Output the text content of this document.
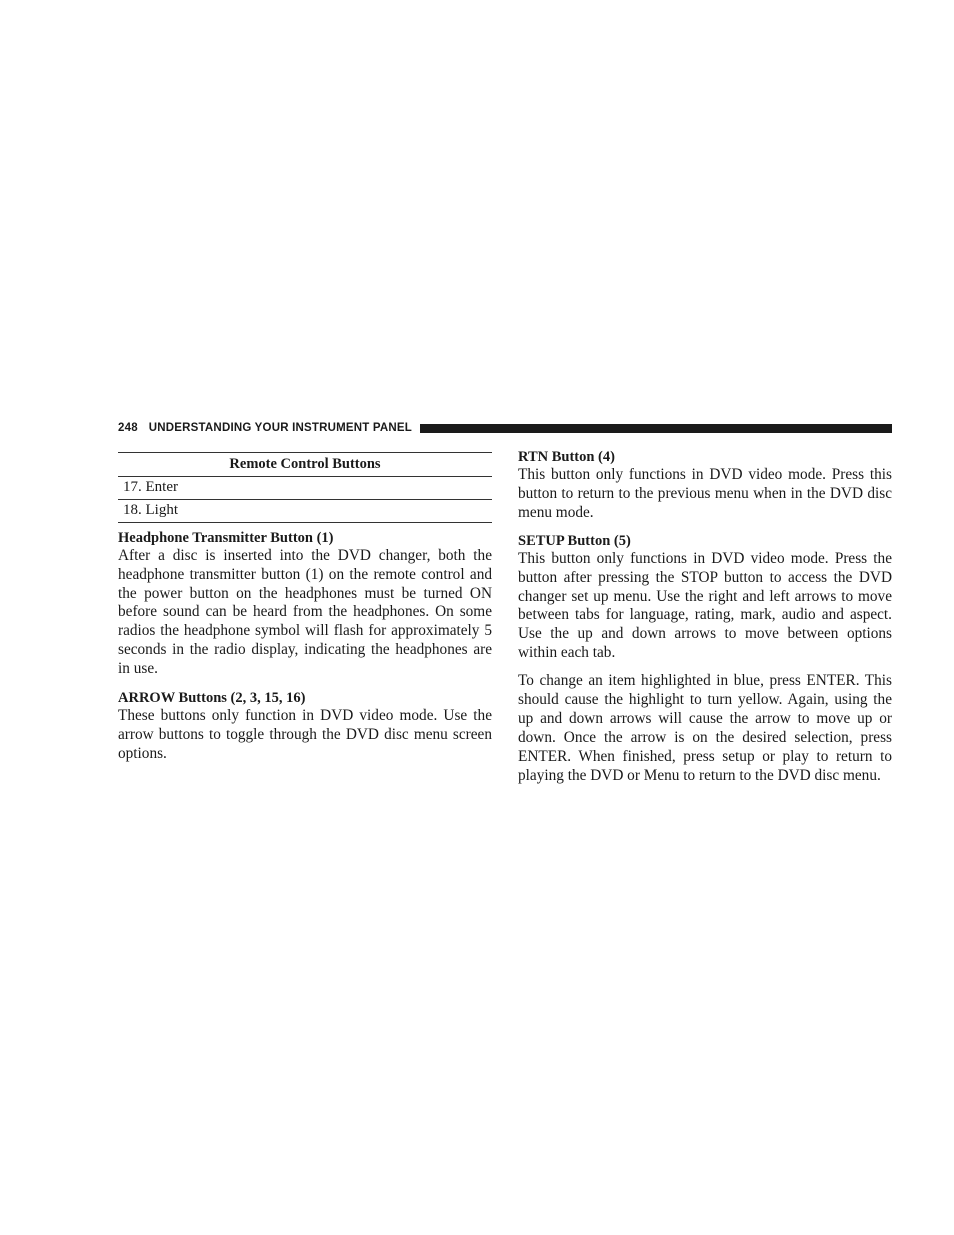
248 UNDERSTANDING YOUR INSTRUMENT PANEL
Remote Control Buttons
17. Enter
18. Light
Headphone Transmitter Button (1)

After a disc is inserted into the DVD changer, both the headphone transmitter button (1) on the remote control and the power button on the headphones must be turned ON before sound can be heard from the headphones. On some radios the headphone symbol will flash for approximately 5 seconds in the radio display, indicating the headphones are in use.

ARROW Buttons (2, 3, 15, 16)

These buttons only function in DVD video mode. Use the arrow buttons to toggle through the DVD disc menu screen options.

RTN Button (4)

This button only functions in DVD video mode. Press this button to return to the previous menu when in the DVD disc menu mode.

SETUP Button (5)

This button only functions in DVD video mode. Press the button after pressing the STOP button to access the DVD changer set up menu. Use the right and left arrows to move between tabs for language, rating, mark, audio and aspect. Use the up and down arrows to move between options within each tab.

To change an item highlighted in blue, press ENTER. This should cause the highlight to turn yellow. Again, using the up and down arrows will cause the arrow to move up or down. Once the arrow is on the desired selection, press ENTER. When finished, press setup or play to return to playing the DVD or Menu to return to the DVD disc menu.
